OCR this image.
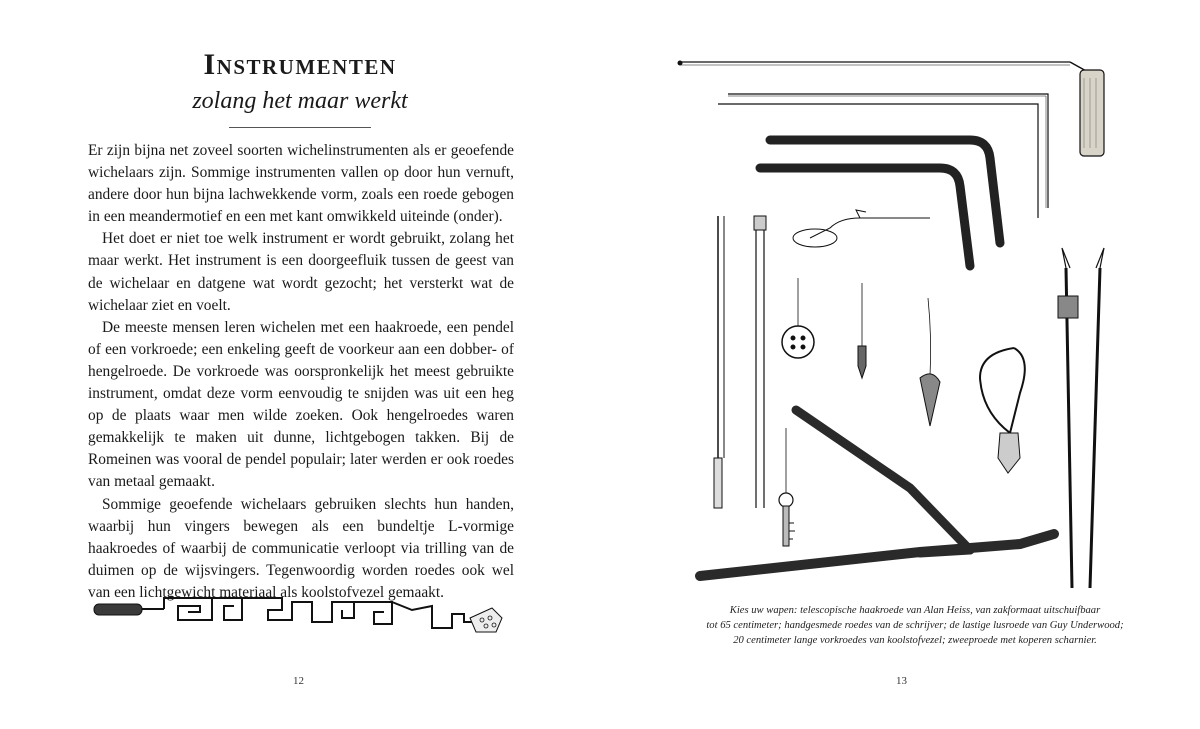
Instrumenten
zolang het maar werkt

Er zijn bijna net zoveel soorten wichelinstrumenten als er geoefende wichelaars zijn. Sommige instrumenten vallen op door hun vernuft, andere door hun bijna lachwekkende vorm, zoals een roede gebogen in een meandermotief en een met kant omwikkeld uiteinde (onder).

Het doet er niet toe welk instrument er wordt gebruikt, zolang het maar werkt. Het instrument is een doorgeefluik tussen de geest van de wichelaar en datgene wat wordt gezocht; het versterkt wat de wichelaar ziet en voelt.

De meeste mensen leren wichelen met een haakroede, een pendel of een vorkroede; een enkeling geeft de voorkeur aan een dobber- of hengelroede. De vorkroede was oorspronkelijk het meest gebruikte instrument, omdat deze vorm eenvoudig te snijden was uit een heg op de plaats waar men wilde zoeken. Ook hengelroedes waren gemakkelijk te maken uit dunne, lichtgebogen takken. Bij de Romeinen was vooral de pendel populair; later werden er ook roedes van metaal gemaakt.

Sommige geoefende wichelaars gebruiken slechts hun handen, waarbij hun vingers bewegen als een bundeltje L-vormige haakroedes of waarbij de communicatie verloopt via trilling van de duimen op de wijsvingers. Tegenwoordig worden roedes ook wel van een lichtgewicht materiaal als koolstofvezel gemaakt.

12
Kies uw wapen: telescopische haakroede van Alan Heiss, van zakformaat uitschuifbaar
tot 65 centimeter; handgesmede roedes van de schrijver; de lastige lusroede van Guy Underwood;
20 centimeter lange vorkroedes van koolstofvezel; zweeproede met koperen scharnier.
13
